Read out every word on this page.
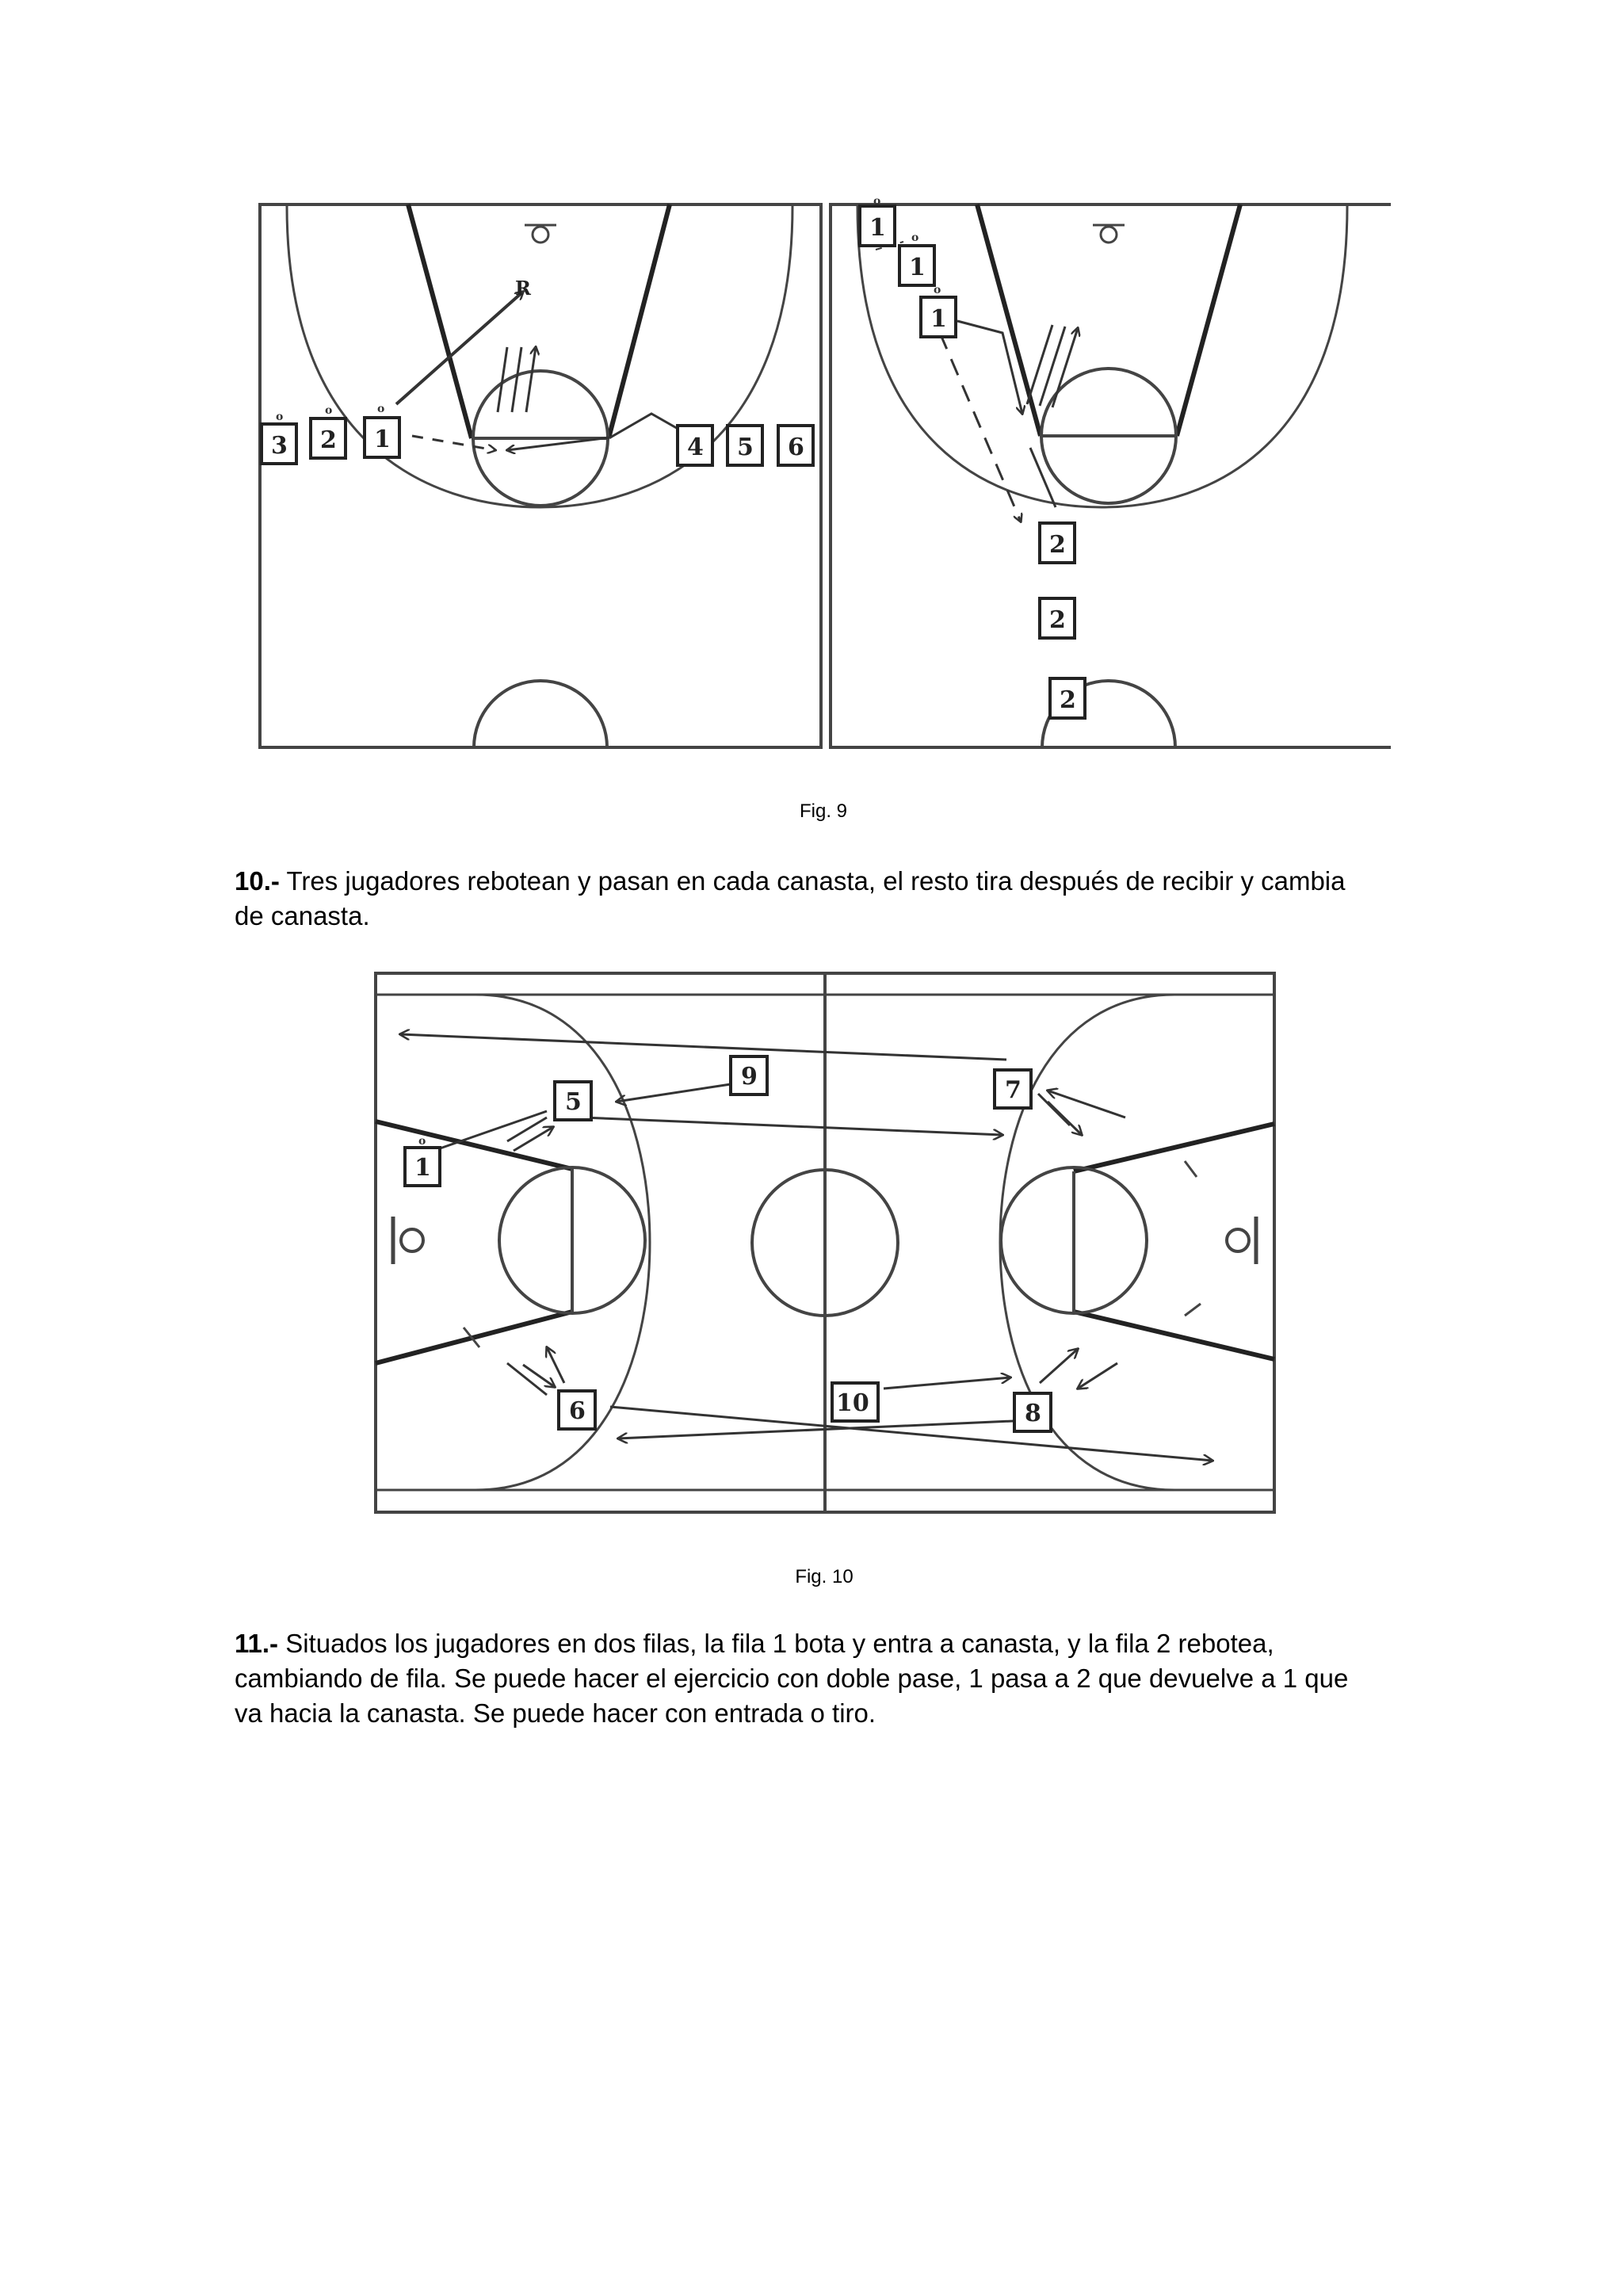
3 2 1	4 5 6
o	o	o
R
1
1
1
2
2
2
o
o
o
Fig. 9
10.- Tres jugadores rebotean y pasan en cada canasta, el resto tira después de recibir y cambia de canasta.
5
9	7
1
o
6	10	8
Fig. 10
11.- Situados los jugadores en dos filas, la fila 1 bota y entra a canasta, y la fila 2 rebotea, cambiando de fila. Se puede hacer el ejercicio con doble pase, 1 pasa a 2 que devuelve a 1 que va hacia la canasta. Se puede hacer con entrada o tiro.
